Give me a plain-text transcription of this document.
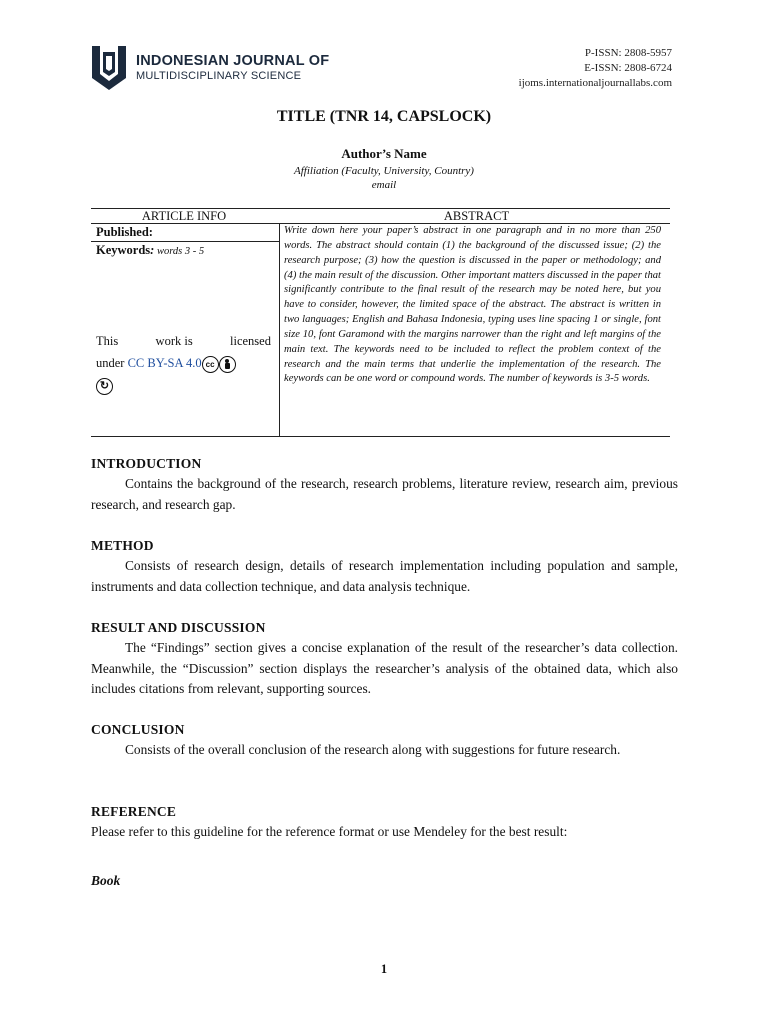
INDONESIAN JOURNAL OF
MULTIDISCIPLINARY SCIENCE
P-ISSN: 2808-5957
E-ISSN: 2808-6724
ijoms.internationaljournallabs.com
TITLE (TNR 14, CAPSLOCK)
Author’s Name
Affiliation (Faculty, University, Country)
email
ARTICLE INFO	ABSTRACT
Published:
Keywords: words 3 - 5
This	work is	licensed
under CC BY-SA 4.0 cc
↻
Write down here your paper’s abstract in one paragraph and in no more than 250 words. The abstract should contain (1) the background of the discussed issue; (2) the research purpose; (3) how the question is discussed in the paper or methodology; and (4) the main result of the discussion. Other important matters discussed in the paper that significantly contribute to the final result of the research may be noted here, but you have to consider, however, the limited space of the abstract. The abstract is written in two languages; English and Bahasa Indonesia, typing uses line spacing 1 or single, font size 10, font Garamond with the margins narrower than the right and left margins of the main text. The keywords need to be included to reflect the problem context of the research and the main terms that underlie the implementation of the research. The keywords can be one word or compound words. The number of keywords is 3-5 words.
INTRODUCTION
Contains the background of the research, research problems, literature review, research aim, previous research, and research gap.
METHOD
Consists of research design, details of research implementation including population and sample, instruments and data collection technique, and data analysis technique.
RESULT AND DISCUSSION
The “Findings” section gives a concise explanation of the result of the researcher’s data collection. Meanwhile, the “Discussion” section displays the researcher’s analysis of the obtained data, which also includes citations from relevant, supporting sources.
CONCLUSION
Consists of the overall conclusion of the research along with suggestions for future research.
REFERENCE
Please refer to this guideline for the reference format or use Mendeley for the best result:
Book
1
